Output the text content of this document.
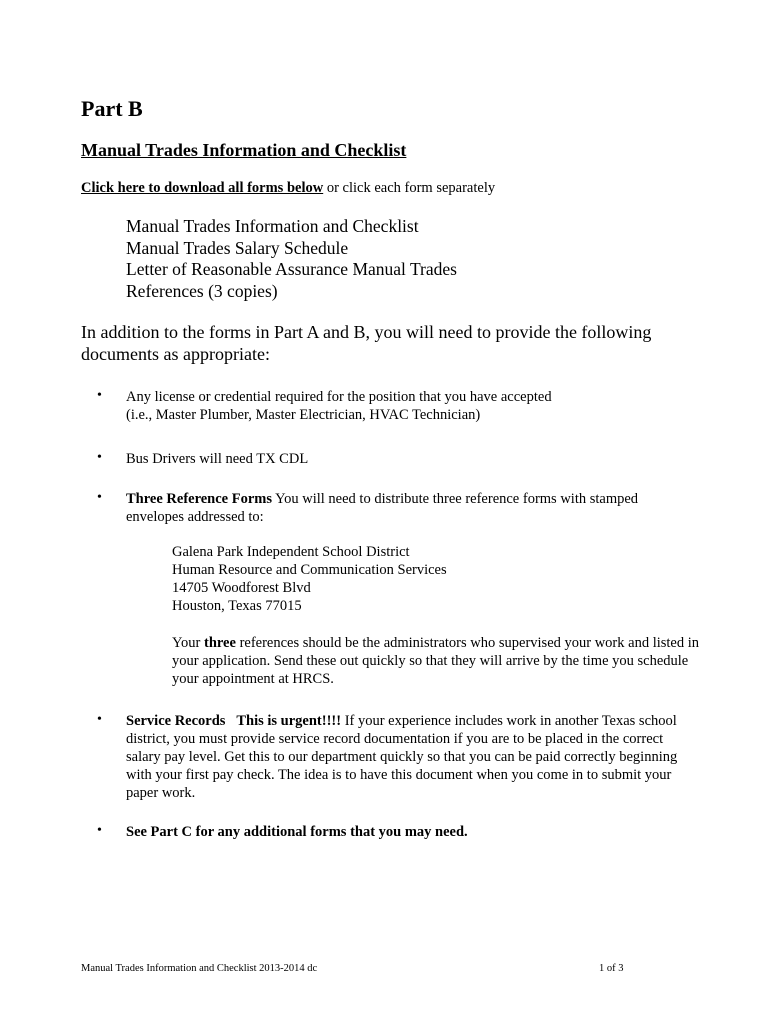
Part B
Manual Trades Information and Checklist
Click here to download all forms below or click each form separately
Manual Trades Information and Checklist
Manual Trades Salary Schedule
Letter of Reasonable Assurance Manual Trades
References (3 copies)
In addition to the forms in Part A and B, you will need to provide the following documents as appropriate:
• Any license or credential required for the position that you have accepted
(i.e., Master Plumber, Master Electrician, HVAC Technician)
• Bus Drivers will need TX CDL
• Three Reference Forms You will need to distribute three reference forms with stamped envelopes addressed to:
Galena Park Independent School District
Human Resource and Communication Services
14705 Woodforest Blvd
Houston, Texas 77015
Your three references should be the administrators who supervised your work and listed in your application. Send these out quickly so that they will arrive by the time you schedule your appointment at HRCS.
• Service Records This is urgent!!!! If your experience includes work in another Texas school district, you must provide service record documentation if you are to be placed in the correct salary pay level. Get this to our department quickly so that you can be paid correctly beginning with your first pay check. The idea is to have this document when you come in to submit your paper work.
• See Part C for any additional forms that you may need.
Manual Trades Information and Checklist 2013-2014 dc	1 of 3
